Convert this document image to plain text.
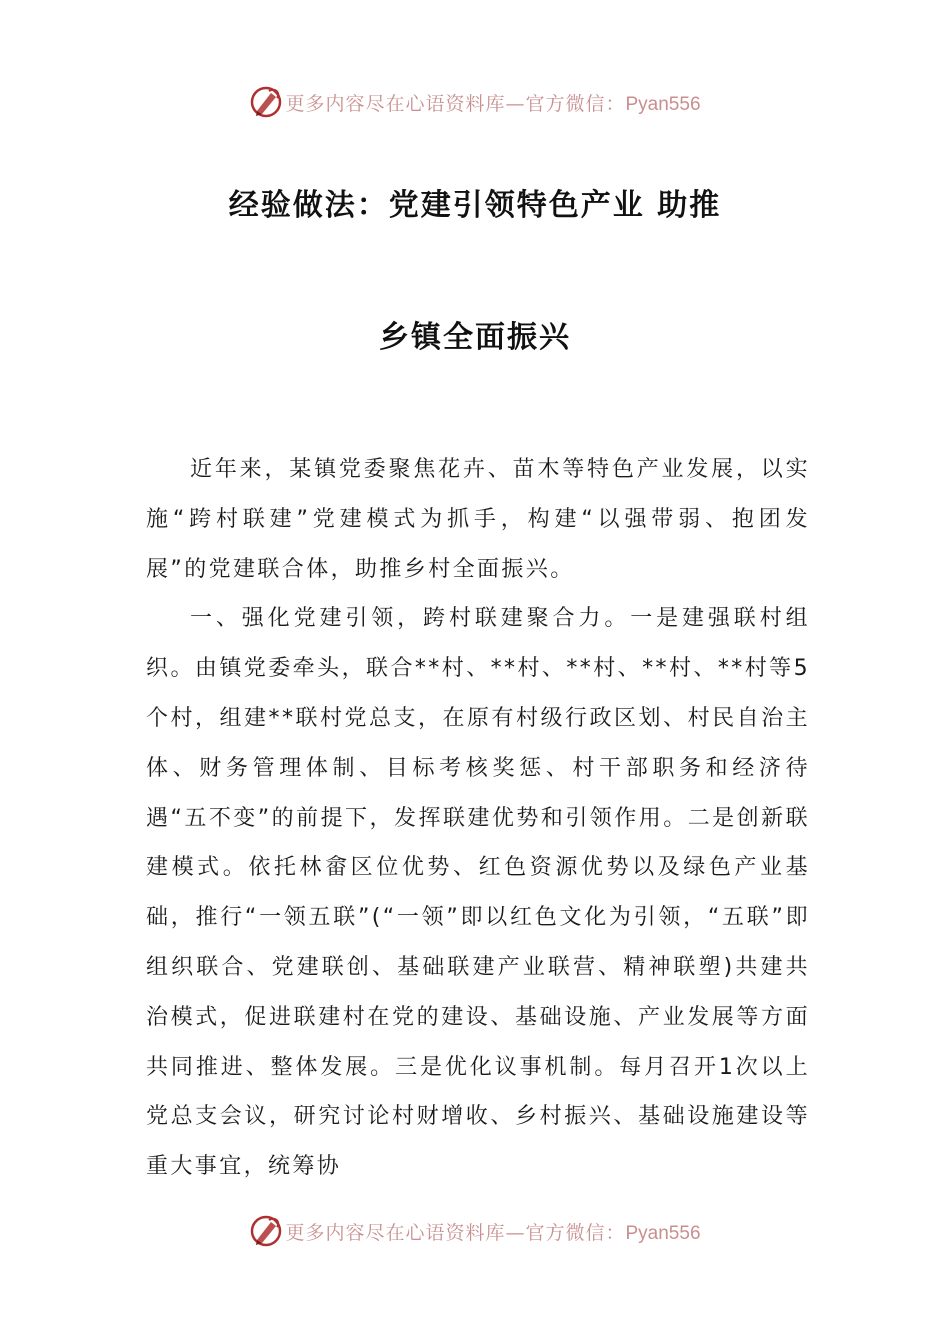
更多内容尽在心语资料库—官方微信：Pyan556
经验做法：党建引领特色产业 助推
乡镇全面振兴

近年来，某镇党委聚焦花卉、苗木等特色产业发展，以实施“跨村联建”党建模式为抓手，构建“以强带弱、抱团发展”的党建联合体，助推乡村全面振兴。

一、强化党建引领，跨村联建聚合力。一是建强联村组织。由镇党委牵头，联合**村、**村、**村、**村、**村等5个村，组建**联村党总支，在原有村级行政区划、村民自治主体、财务管理体制、目标考核奖惩、村干部职务和经济待遇“五不变”的前提下，发挥联建优势和引领作用。二是创新联建模式。依托林畲区位优势、红色资源优势以及绿色产业基础，推行“一领五联”(“一领”即以红色文化为引领，“五联”即组织联合、党建联创、基础联建产业联营、精神联塑)共建共治模式，促进联建村在党的建设、基础设施、产业发展等方面共同推进、整体发展。三是优化议事机制。每月召开1次以上党总支会议，研究讨论村财增收、乡村振兴、基础设施建设等重大事宜，统筹协

更多内容尽在心语资料库—官方微信：Pyan556
